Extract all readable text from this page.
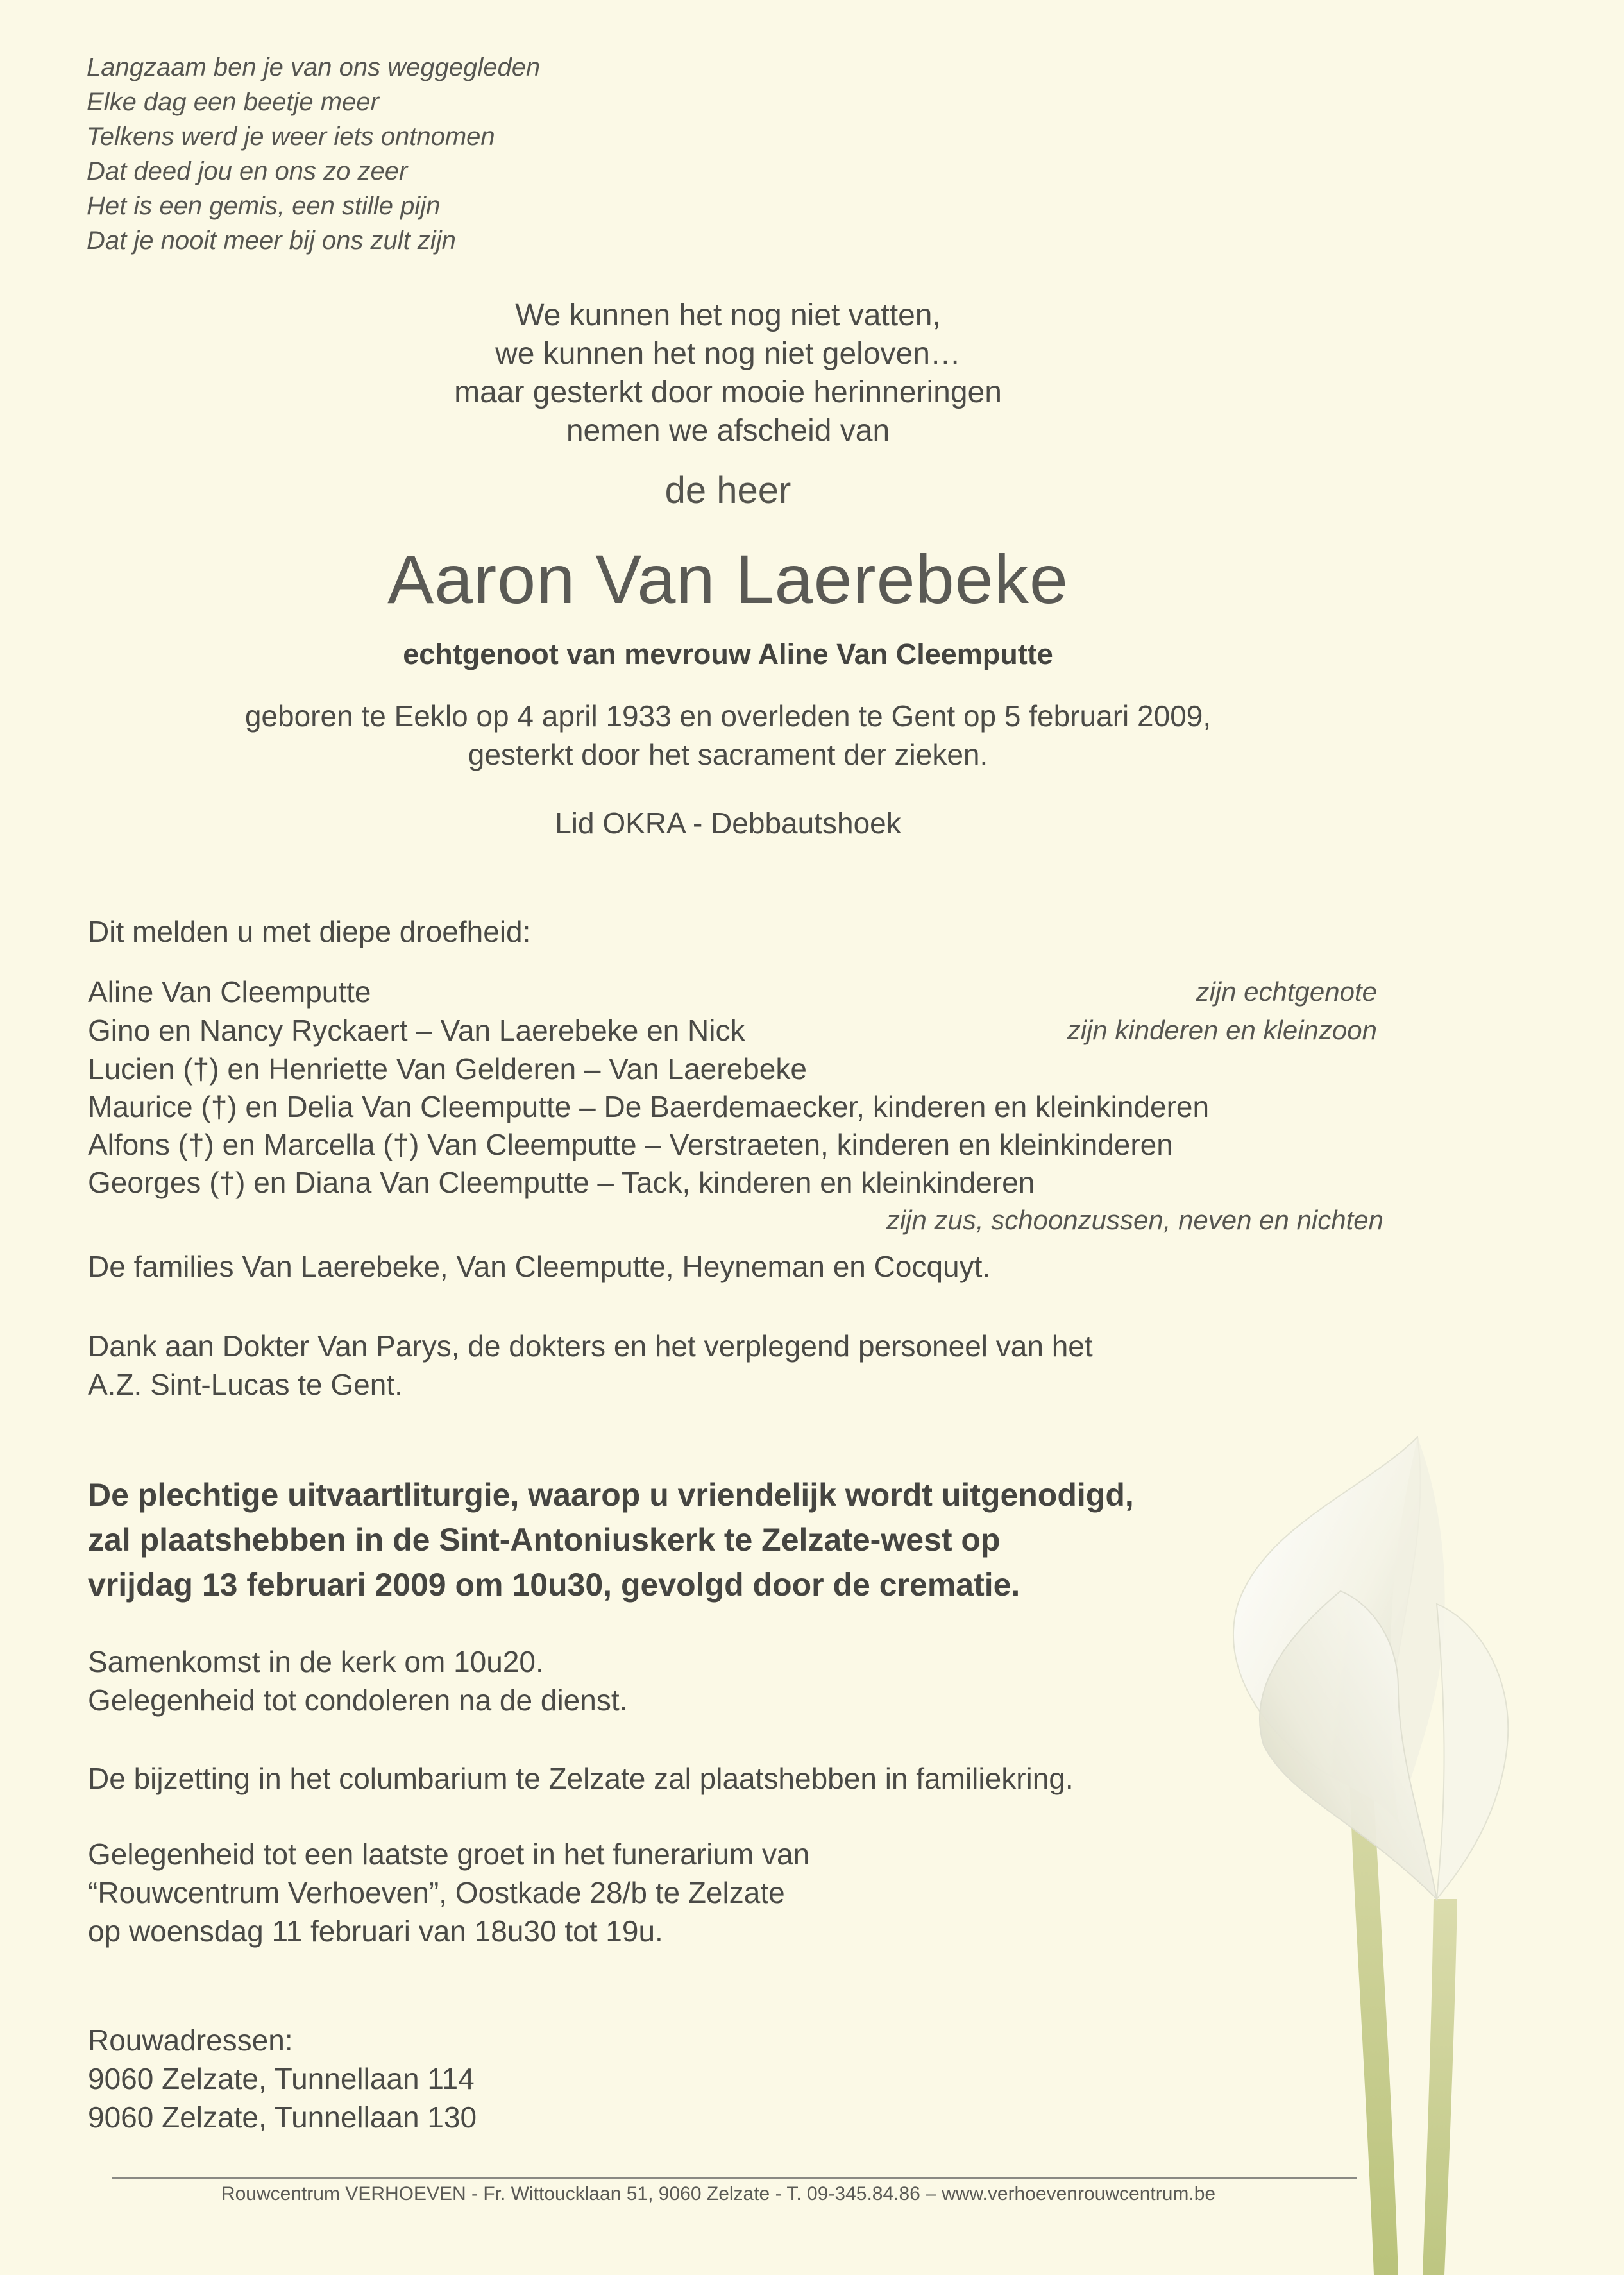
Langzaam ben je van ons weggegleden
Elke dag een beetje meer
Telkens werd je weer iets ontnomen
Dat deed jou en ons zo zeer
Het is een gemis, een stille pijn
Dat je nooit meer bij ons zult zijn
We kunnen het nog niet vatten,
we kunnen het nog niet geloven…
maar gesterkt door mooie herinneringen
nemen we afscheid van
de heer
Aaron Van Laerebeke
echtgenoot van mevrouw Aline Van Cleemputte
geboren te Eeklo op 4 april 1933 en overleden te Gent op 5 februari 2009,
gesterkt door het sacrament der zieken.
Lid OKRA - Debbautshoek
Dit melden u met diepe droefheid:
Aline Van Cleemputte	zijn echtgenote
Gino en Nancy Ryckaert – Van Laerebeke en Nick	zijn kinderen en kleinzoon
Lucien (†) en Henriette Van Gelderen – Van Laerebeke
Maurice (†) en Delia Van Cleemputte – De Baerdemaecker, kinderen en kleinkinderen
Alfons (†) en Marcella (†) Van Cleemputte – Verstraeten, kinderen en kleinkinderen
Georges (†) en Diana Van Cleemputte – Tack, kinderen en kleinkinderen
zijn zus, schoonzussen, neven en nichten
De families Van Laerebeke, Van Cleemputte, Heyneman en Cocquyt.
Dank aan Dokter Van Parys, de dokters en het verplegend personeel van het
A.Z. Sint-Lucas te Gent.
De plechtige uitvaartliturgie, waarop u vriendelijk wordt uitgenodigd,
zal plaatshebben in de Sint-Antoniuskerk te Zelzate-west op
vrijdag 13 februari 2009 om 10u30, gevolgd door de crematie.
Samenkomst in de kerk om 10u20.
Gelegenheid tot condoleren na de dienst.
De bijzetting in het columbarium te Zelzate zal plaatshebben in familiekring.
Gelegenheid tot een laatste groet in het funerarium van
“Rouwcentrum Verhoeven”, Oostkade 28/b te Zelzate
op woensdag 11 februari van 18u30 tot 19u.
Rouwadressen:
9060 Zelzate, Tunnellaan 114
9060 Zelzate, Tunnellaan 130
Rouwcentrum VERHOEVEN - Fr. Wittoucklaan 51, 9060 Zelzate - T. 09-345.84.86 – www.verhoevenrouwcentrum.be
